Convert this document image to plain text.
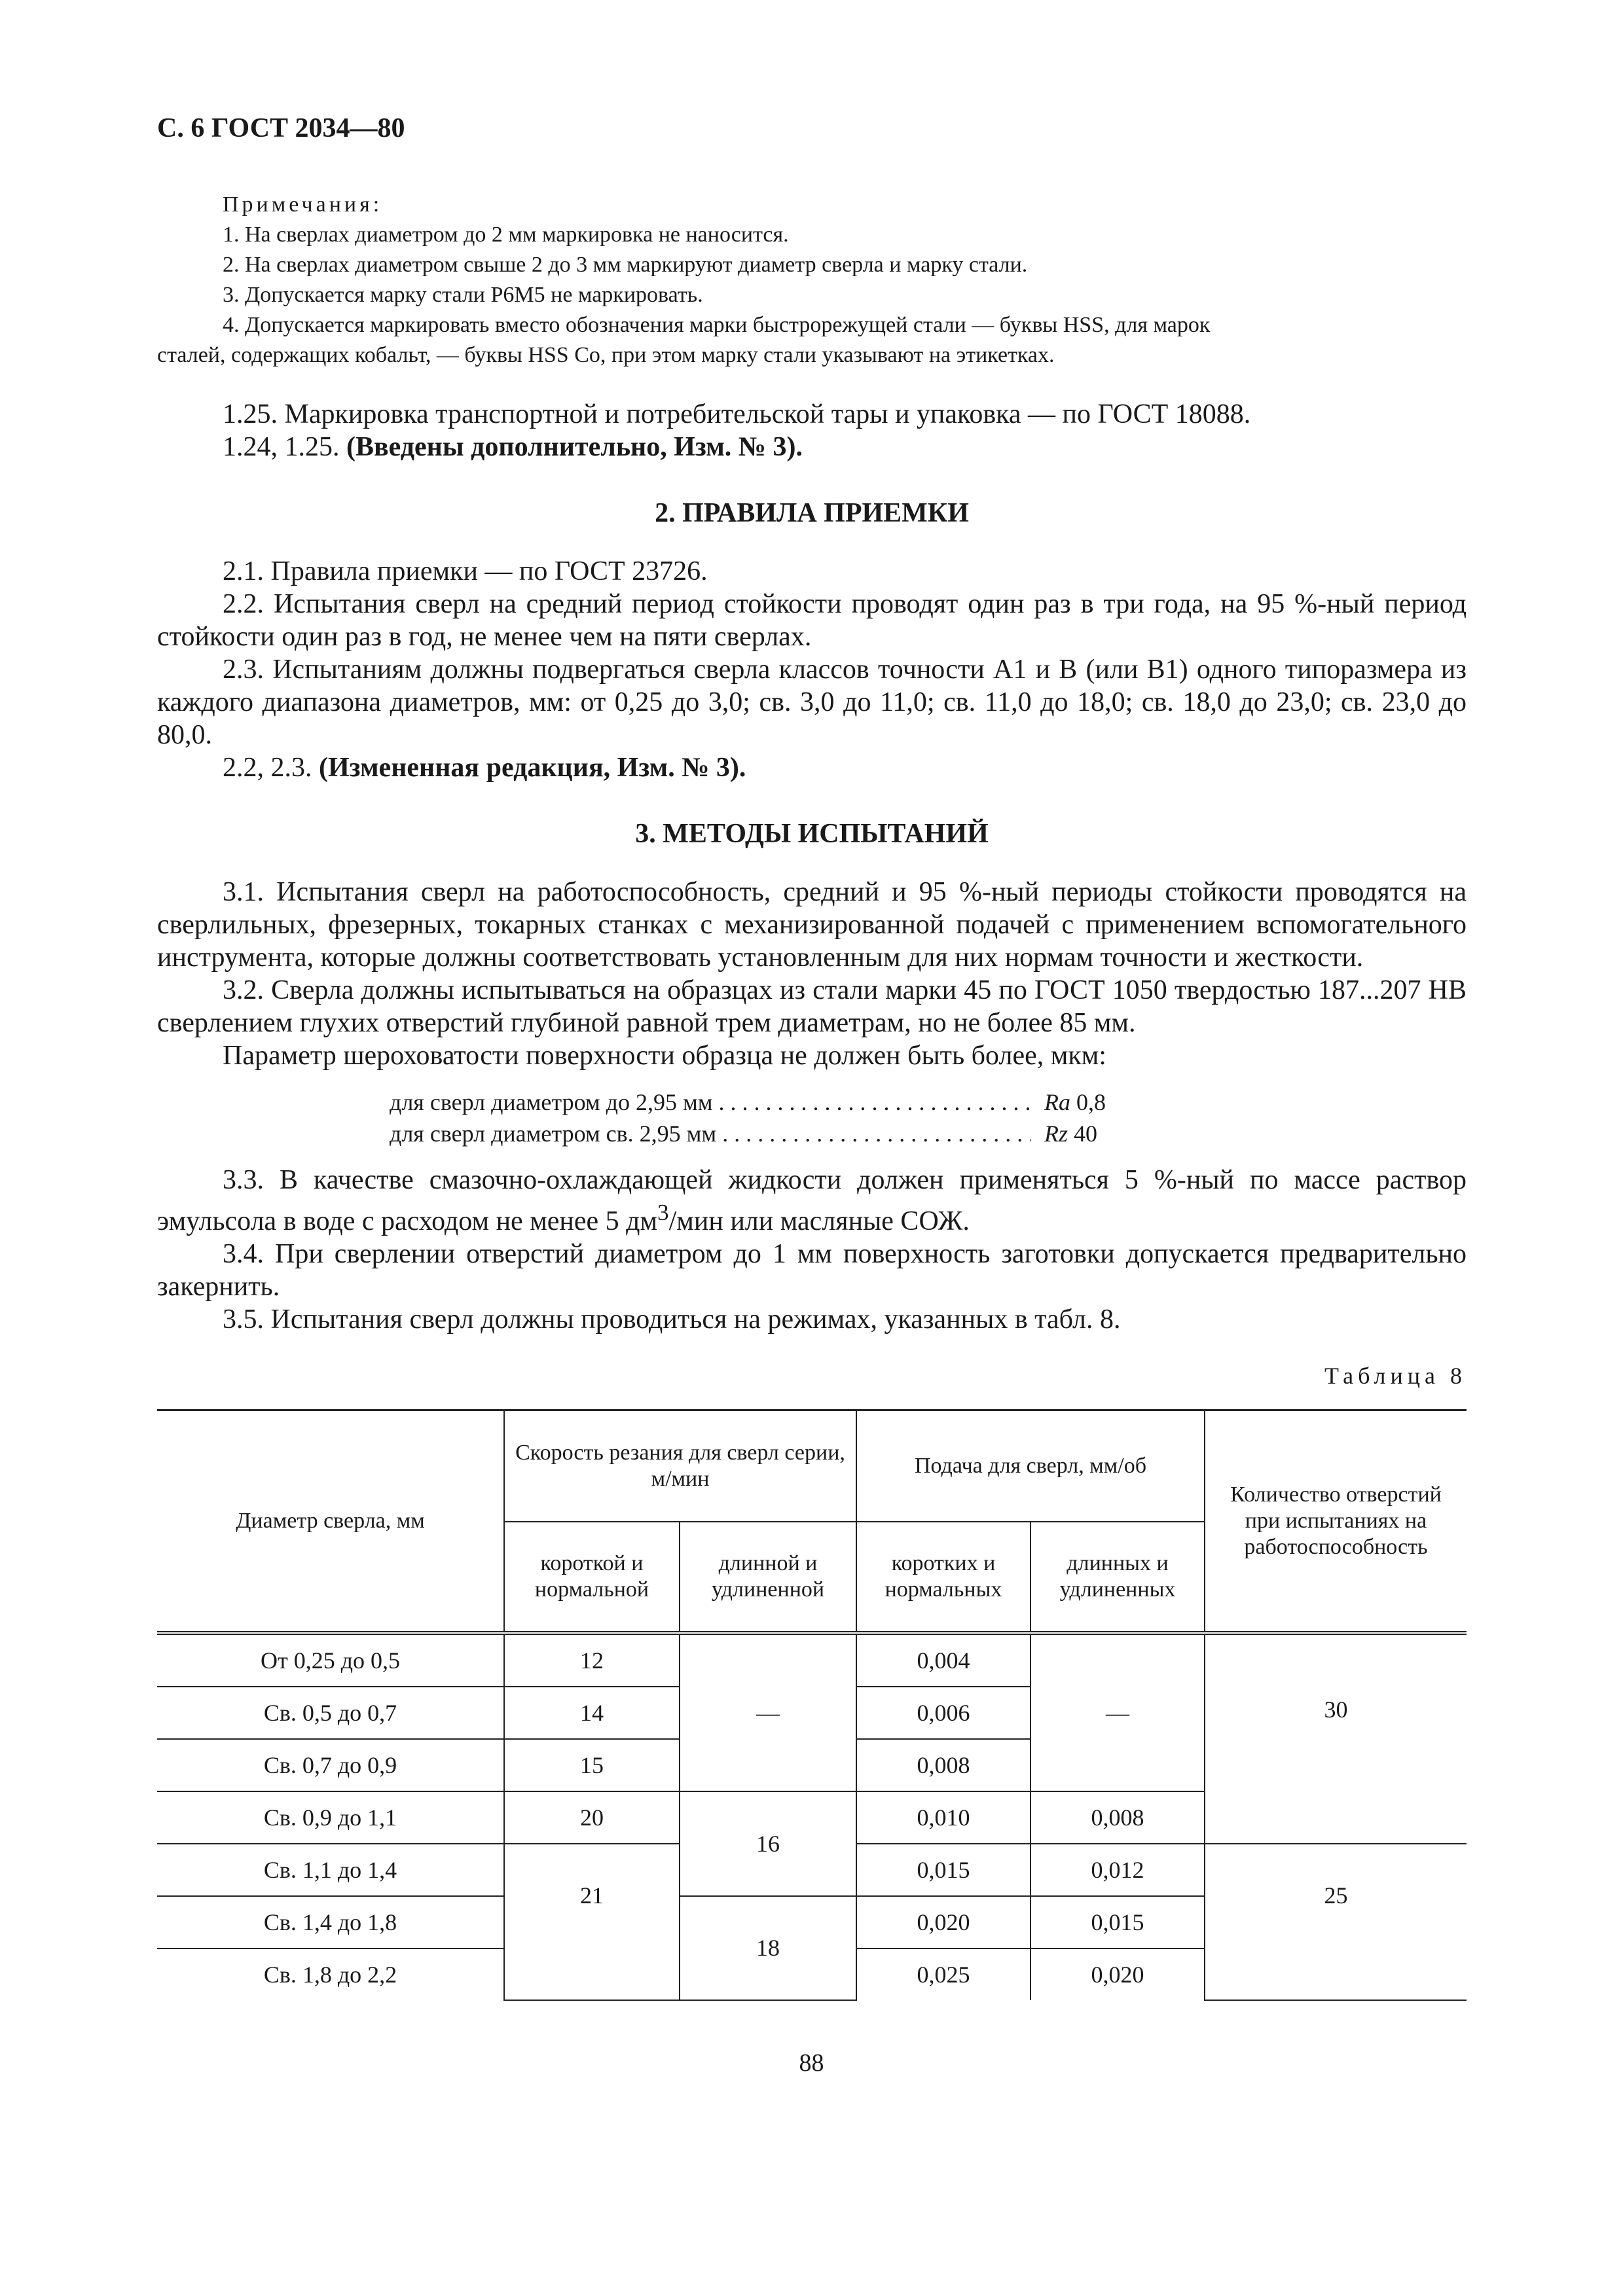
С. 6 ГОСТ 2034—80
Примечания:
1. На сверлах диаметром до 2 мм маркировка не наносится.
2. На сверлах диаметром свыше 2 до 3 мм маркируют диаметр сверла и марку стали.
3. Допускается марку стали Р6М5 не маркировать.
4. Допускается маркировать вместо обозначения марки быстрорежущей стали — буквы HSS, для марок
сталей, содержащих кобальт, — буквы HSS Co, при этом марку стали указывают на этикетках.
1.25. Маркировка транспортной и потребительской тары и упаковка — по ГОСТ 18088.
1.24, 1.25. (Введены дополнительно, Изм. № 3).
2. ПРАВИЛА ПРИЕМКИ
2.1. Правила приемки — по ГОСТ 23726.
2.2. Испытания сверл на средний период стойкости проводят один раз в три года, на 95 %-ный период стойкости один раз в год, не менее чем на пяти сверлах.
2.3. Испытаниям должны подвергаться сверла классов точности А1 и В (или В1) одного типоразмера из каждого диапазона диаметров, мм: от 0,25 до 3,0; св. 3,0 до 11,0; св. 11,0 до 18,0; св. 18,0 до 23,0; св. 23,0 до 80,0.
2.2, 2.3. (Измененная редакция, Изм. № 3).
3. МЕТОДЫ ИСПЫТАНИЙ
3.1. Испытания сверл на работоспособность, средний и 95 %-ный периоды стойкости проводятся на сверлильных, фрезерных, токарных станках с механизированной подачей с применением вспомогательного инструмента, которые должны соответствовать установленным для них нормам точности и жесткости.
3.2. Сверла должны испытываться на образцах из стали марки 45 по ГОСТ 1050 твердостью 187...207 НВ сверлением глухих отверстий глубиной равной трем диаметрам, но не более 85 мм.
Параметр шероховатости поверхности образца не должен быть более, мкм:
для сверл диаметром до 2,95 мм . . .	Ra 0,8
для сверл диаметром св. 2,95 мм . . .	Rz 40
3.3. В качестве смазочно-охлаждающей жидкости должен применяться 5 %-ный по массе раствор эмульсола в воде с расходом не менее 5 $дм^3$/мин или масляные СОЖ.
3.4. При сверлении отверстий диаметром до 1 мм поверхность заготовки допускается предварительно закернить.
3.5. Испытания сверл должны проводиться на режимах, указанных в табл. 8.
Таблица 8
Диаметр сверла, мм	Скорость резания для сверл серии, м/мин		Подача для сверл, мм/об		Количество отверстий при испытаниях на работоспособность
	короткой и нормальной	длинной и удлиненной	коротких и нормальных	длинных и удлиненных	
От 0,25 до 0,5	12	—	0,004	—	30
Св. 0,5 до 0,7	14		0,006		
Св. 0,7 до 0,9	15		0,008		
Св. 0,9 до 1,1	20	16	0,010	0,008	
Св. 1,1 до 1,4	21		0,015	0,012	25
Св. 1,4 до 1,8		18	0,020	0,015	
Св. 1,8 до 2,2			0,025	0,020	
88
